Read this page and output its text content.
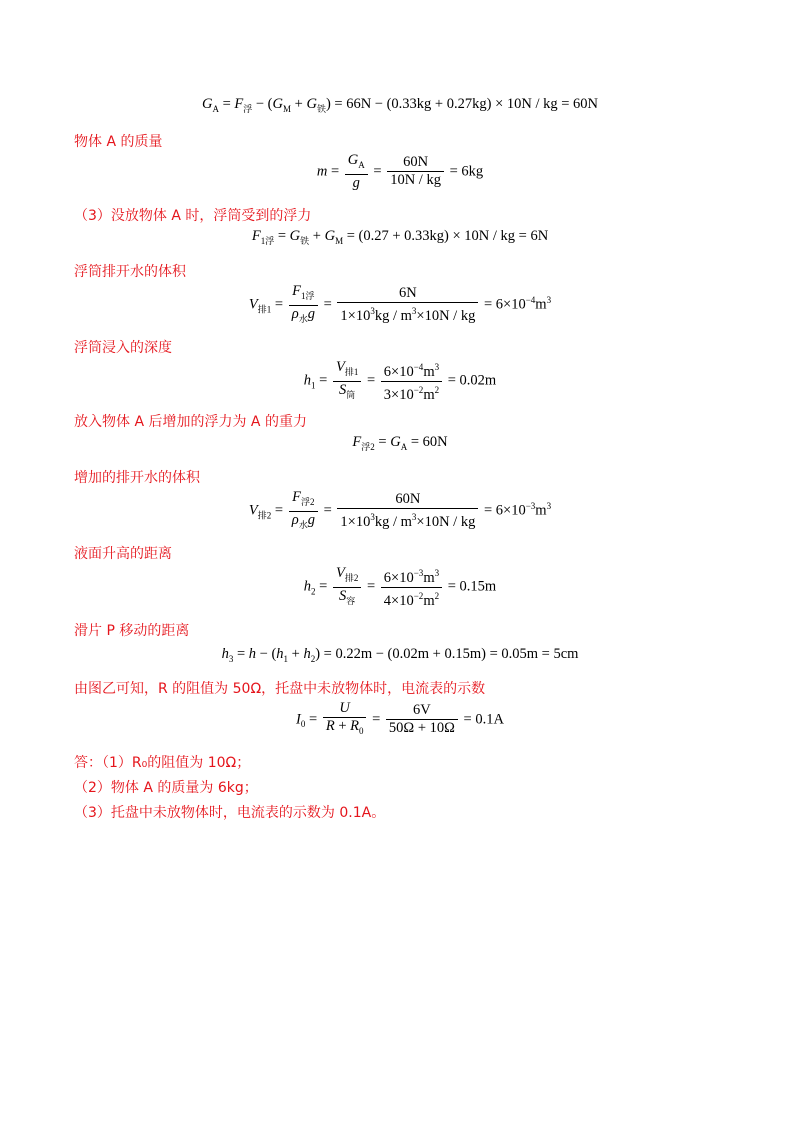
$G_A = F_浮 - (G_M + G_铁) = 66N - (0.33kg + 0.27kg) \times 10N$ / kg = 60N
物体 A 的质量
$m = \frac{G_A}{g} = \frac{60N}{10N / kg} = 6kg$
（3）没放物体 A 时，浮筒受到的浮力
$F_{1浮} = G_铁 + G_M = (0.27 + 0.33kg) \times 10N$ / kg = 6N
浮筒排开水的体积
$V_{排1} = \frac{F_{1浮}}{\rho_水g} = \frac{6N}{1\times 10^3kg / m^3\times 10N / kg} = 6\times 10^{-4}m^3$
浮筒浸入的深度
$h_1 = \frac{V_{排1}}{S_筒} = \frac{6\times 10^{-4}m^3}{3\times 10^{-2}m^2} = 0.02m$
放入物体 A 后增加的浮力为 A 的重力
$F_{浮2} = G_A = 60N$
增加的排开水的体积
$V_{排2} = \frac{F_{浮2}}{\rho_水g} = \frac{60N}{1\times 10^3kg / m^3\times 10N / kg} = 6\times 10^{-3}m^3$
液面升高的距离
$h_2 = \frac{V_{排2}}{S_容} = \frac{6\times 10^{-3}m^3}{4\times 10^{-2}m^2} = 0.15m$
滑片 P 移动的距离
$h_3 = h - (h_1 + h_2) = 0.22m - (0.02m + 0.15m) = 0.05m = 5cm$
由图乙可知，R 的阻值为 50Ω，托盘中未放物体时，电流表的示数
$I_0 = \frac{U}{R + R_0} = \frac{6V}{50\Omega + 10\Omega} = 0.1A$
答：（1）R₀的阻值为 10Ω；
（2）物体 A 的质量为 6kg；
（3）托盘中未放物体时，电流表的示数为 0.1A。
